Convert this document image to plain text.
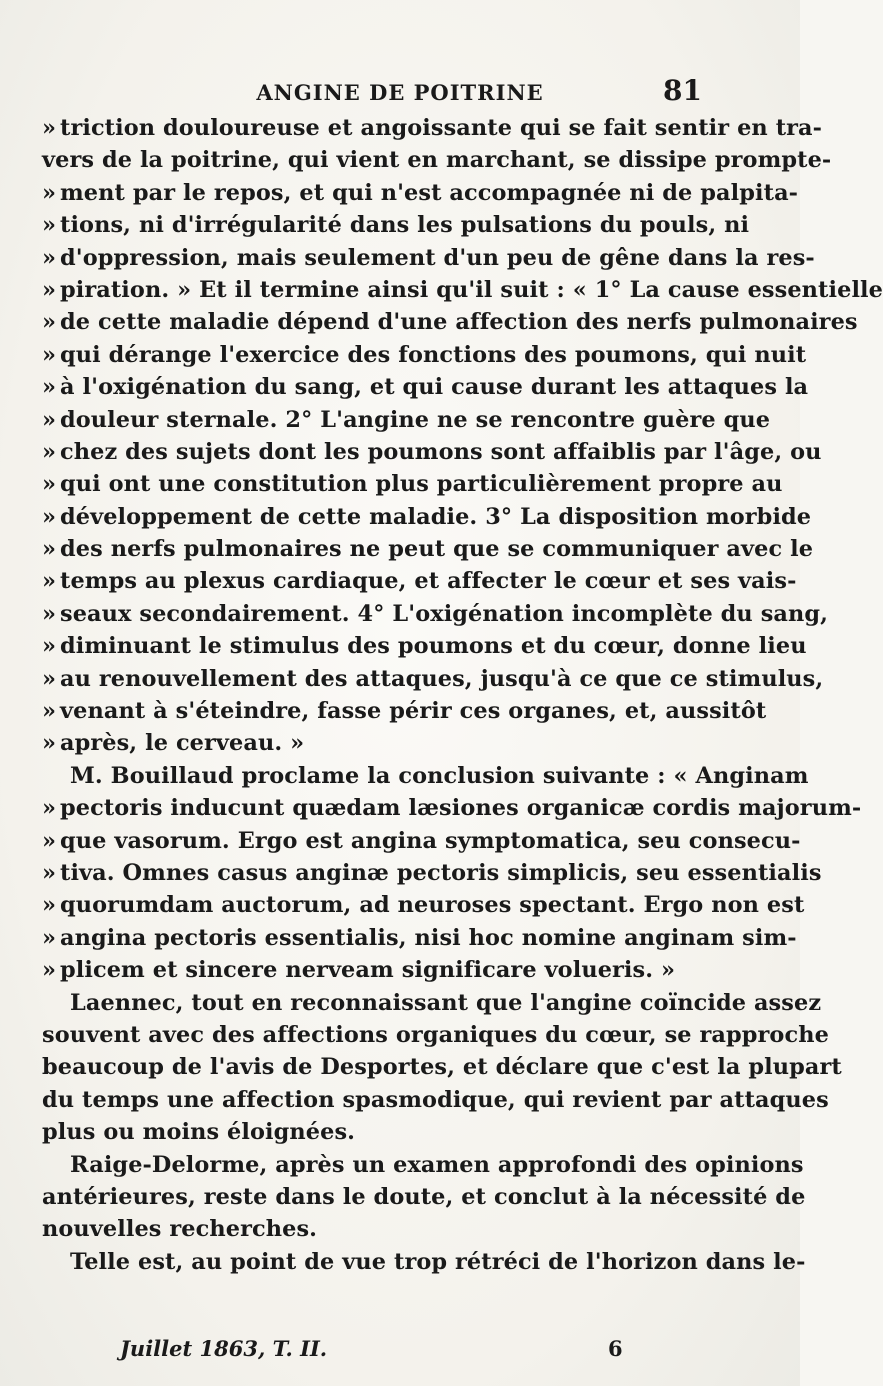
ANGINE DE POITRINE	81
» triction douloureuse et angoissante qui se fait sentir en tra-
vers de la poitrine, qui vient en marchant, se dissipe prompte-
» ment par le repos, et qui n'est accompagnée ni de palpita-
» tions, ni d'irrégularité dans les pulsations du pouls, ni
» d'oppression, mais seulement d'un peu de gêne dans la res-
» piration. » Et il termine ainsi qu'il suit : « 1° La cause essentielle
» de cette maladie dépend d'une affection des nerfs pulmonaires
» qui dérange l'exercice des fonctions des poumons, qui nuit
» à l'oxigénation du sang, et qui cause durant les attaques la
» douleur sternale. 2° L'angine ne se rencontre guère que
» chez des sujets dont les poumons sont affaiblis par l'âge, ou
» qui ont une constitution plus particulièrement propre au
» développement de cette maladie. 3° La disposition morbide
» des nerfs pulmonaires ne peut que se communiquer avec le
» temps au plexus cardiaque, et affecter le cœur et ses vais-
» seaux secondairement. 4° L'oxigénation incomplète du sang,
» diminuant le stimulus des poumons et du cœur, donne lieu
» au renouvellement des attaques, jusqu'à ce que ce stimulus,
» venant à s'éteindre, fasse périr ces organes, et, aussitôt
» après, le cerveau. »
M. Bouillaud proclame la conclusion suivante : « Anginam
» pectoris inducunt quædam læsiones organicæ cordis majorum-
» que vasorum. Ergo est angina symptomatica, seu consecu-
» tiva. Omnes casus anginæ pectoris simplicis, seu essentialis
» quorumdam auctorum, ad neuroses spectant. Ergo non est
» angina pectoris essentialis, nisi hoc nomine anginam sim-
» plicem et sincere nerveam significare volueris. »
Laennec, tout en reconnaissant que l'angine coïncide assez
souvent avec des affections organiques du cœur, se rapproche
beaucoup de l'avis de Desportes, et déclare que c'est la plupart
du temps une affection spasmodique, qui revient par attaques
plus ou moins éloignées.
Raige-Delorme, après un examen approfondi des opinions
antérieures, reste dans le doute, et conclut à la nécessité de
nouvelles recherches.
Telle est, au point de vue trop rétréci de l'horizon dans le-
Juillet 1863, T. II.	6
